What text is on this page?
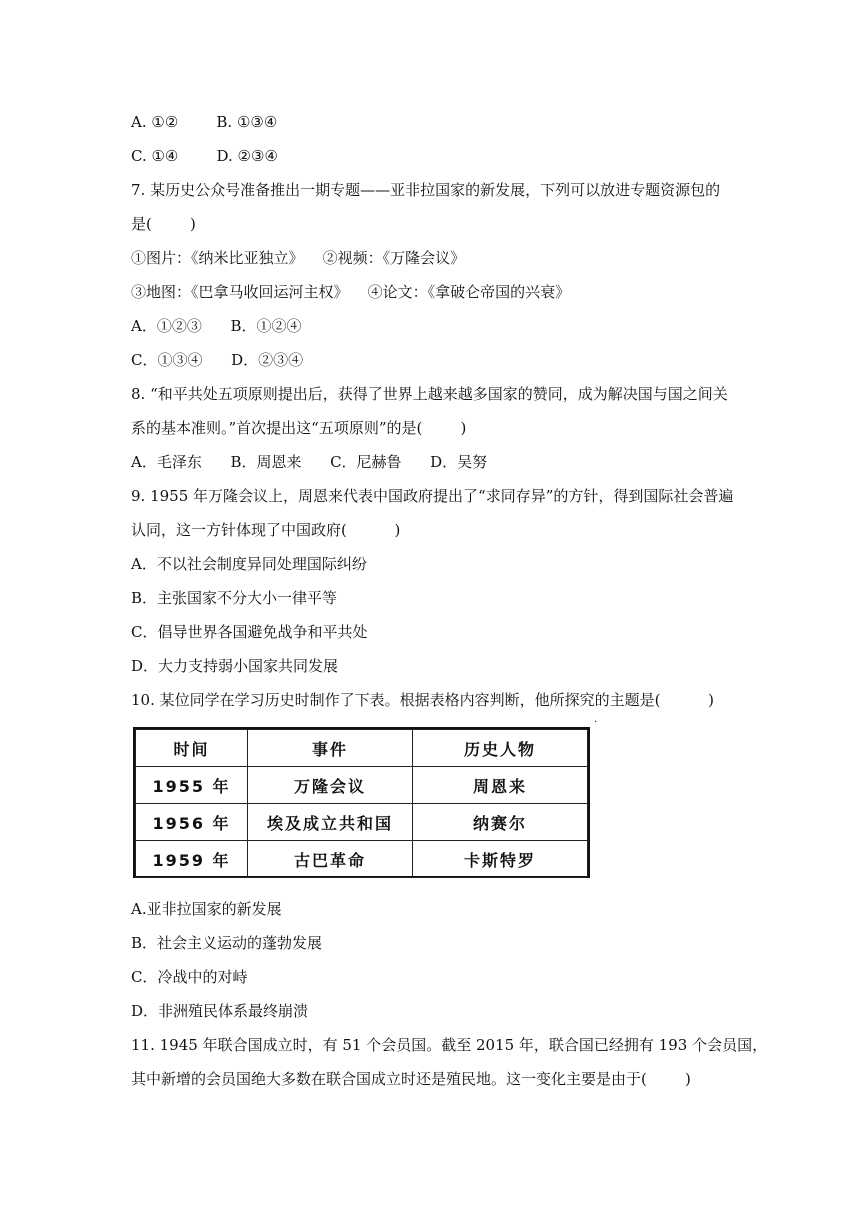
A. ①②        B. ①③④
C. ①④        D. ②③④
7. 某历史公众号准备推出一期专题——亚非拉国家的新发展，下列可以放进专题资源包的
是(        )
①图片：《纳米比亚独立》    ②视频：《万隆会议》
③地图：《巴拿马收回运河主权》    ④论文：《拿破仑帝国的兴衰》
A．①②③      B．①②④
C．①③④      D．②③④
8. “和平共处五项原则提出后，获得了世界上越来越多国家的赞同，成为解决国与国之间关
系的基本准则。”首次提出这“五项原则”的是(        )
A．毛泽东      B．周恩来      C．尼赫鲁      D．吴努
9. 1955 年万隆会议上，周恩来代表中国政府提出了“求同存异”的方针，得到国际社会普遍
认同，这一方针体现了中国政府(          )
A．不以社会制度异同处理国际纠纷
B．主张国家不分大小一律平等
C．倡导世界各国避免战争和平共处
D．大力支持弱小国家共同发展
10. 某位同学在学习历史时制作了下表。根据表格内容判断，他所探究的主题是(          )
.
时间	事件	历史人物
1955 年	万隆会议	周恩来
1956 年	埃及成立共和国	纳赛尔
1959 年	古巴革命	卡斯特罗
A.亚非拉国家的新发展
B．社会主义运动的蓬勃发展
C．冷战中的对峙
D．非洲殖民体系最终崩溃
11. 1945 年联合国成立时，有 51 个会员国。截至 2015 年，联合国已经拥有 193 个会员国，
其中新增的会员国绝大多数在联合国成立时还是殖民地。这一变化主要是由于(        )
